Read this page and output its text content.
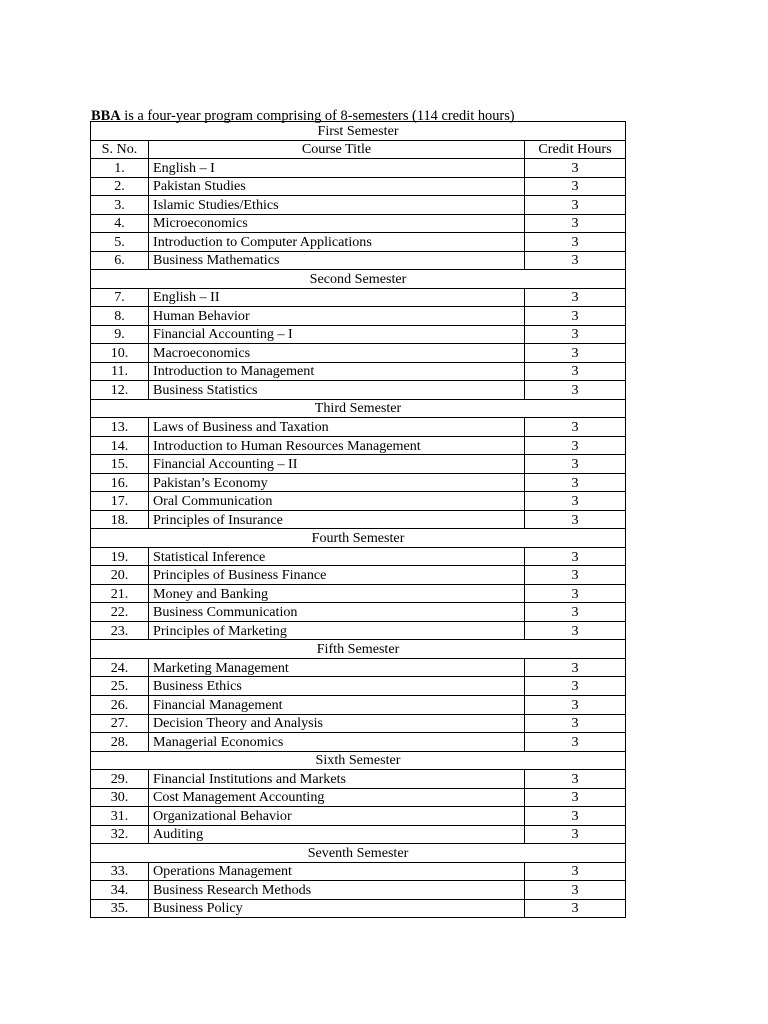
BBA is a four-year program comprising of 8-semesters (114 credit hours)

First Semester		
S. No.	Course Title	Credit Hours
1.	English – I	3
2.	Pakistan Studies	3
3.	Islamic Studies/Ethics	3
4.	Microeconomics	3
5.	Introduction to Computer Applications	3
6.	Business Mathematics	3
Second Semester		
7.	English – II	3
8.	Human Behavior	3
9.	Financial Accounting – I	3
10.	Macroeconomics	3
11.	Introduction to Management	3
12.	Business Statistics	3
Third Semester		
13.	Laws of Business and Taxation	3
14.	Introduction to Human Resources Management	3
15.	Financial Accounting – II	3
16.	Pakistan’s Economy	3
17.	Oral Communication	3
18.	Principles of Insurance	3
Fourth Semester		
19.	Statistical Inference	3
20.	Principles of Business Finance	3
21.	Money and Banking	3
22.	Business Communication	3
23.	Principles of Marketing	3
Fifth Semester		
24.	Marketing Management	3
25.	Business Ethics	3
26.	Financial Management	3
27.	Decision Theory and Analysis	3
28.	Managerial Economics	3
Sixth Semester		
29.	Financial Institutions and Markets	3
30.	Cost Management Accounting	3
31.	Organizational Behavior	3
32.	Auditing	3
Seventh Semester		
33.	Operations Management	3
34.	Business Research Methods	3
35.	Business Policy	3
